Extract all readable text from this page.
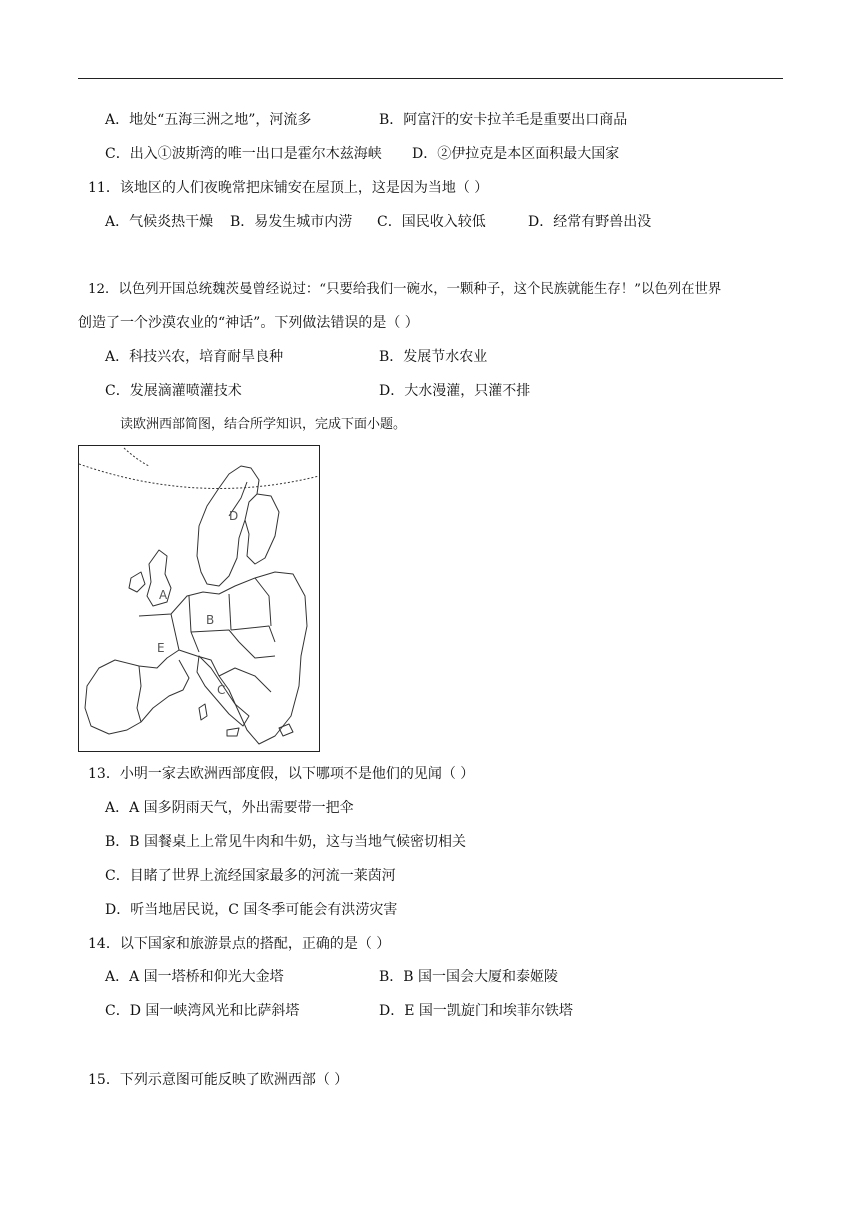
A．地处“五海三洲之地”，河流多	B．阿富汗的安卡拉羊毛是重要出口商品
C．出入①波斯湾的唯一出口是霍尔木兹海峡 D．②伊拉克是本区面积最大国家
11．该地区的人们夜晚常把床铺安在屋顶上，这是因为当地（ ）
A．气候炎热干燥 B．易发生城市内涝 C．国民收入较低	D．经常有野兽出没
12．以色列开国总统魏茨曼曾经说过：“只要给我们一碗水，一颗种子，这个民族就能生存！”以色列在世界
创造了一个沙漠农业的“神话”。下列做法错误的是（ ）
A．科技兴农，培育耐旱良种	B．发展节水农业
C．发展滴灌喷灌技术	D．大水漫灌，只灌不排
读欧洲西部简图，结合所学知识，完成下面小题。
A
B
C
D
E
13．小明一家去欧洲西部度假，以下哪项不是他们的见闻（ ）
A．A 国多阴雨天气，外出需要带一把伞
B．B 国餐桌上上常见牛肉和牛奶，这与当地气候密切相关
C．目睹了世界上流经国家最多的河流一莱茵河
D．听当地居民说，C 国冬季可能会有洪涝灾害
14．以下国家和旅游景点的搭配，正确的是（ ）
A．A 国一塔桥和仰光大金塔	B．B 国一国会大厦和泰姬陵
C．D 国一峡湾风光和比萨斜塔	D．E 国一凯旋门和埃菲尔铁塔
15．下列示意图可能反映了欧洲西部（ ）
